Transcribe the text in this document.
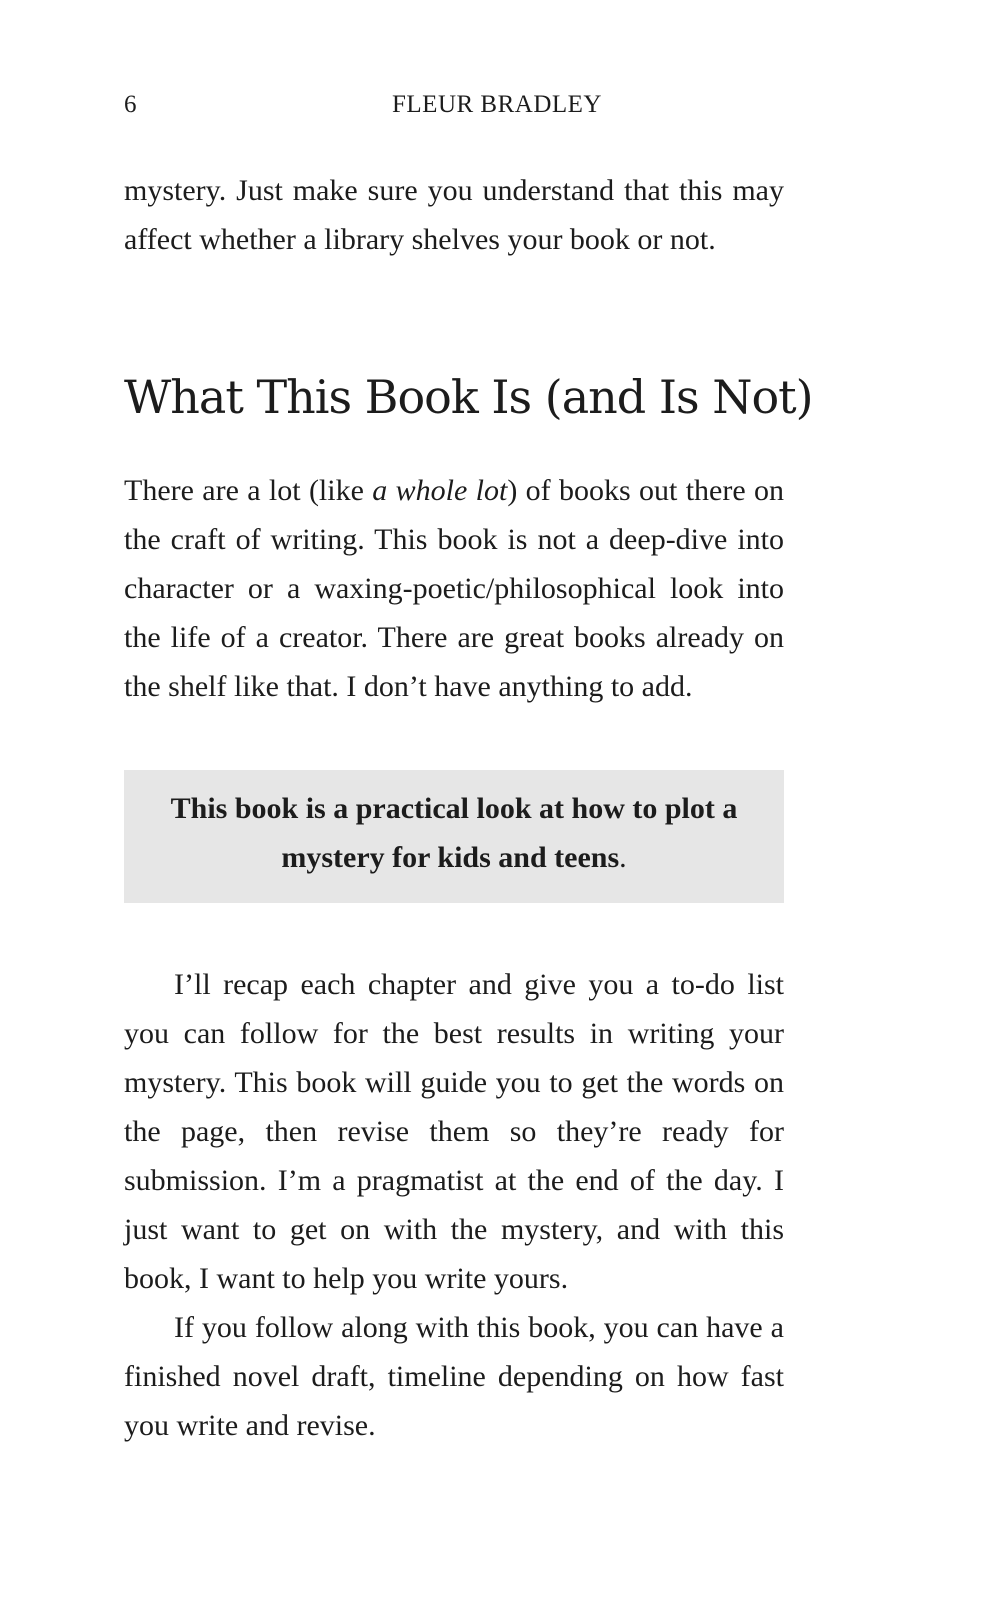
6	FLEUR BRADLEY

mystery. Just make sure you understand that this may affect whether a library shelves your book or not.

What This Book Is (and Is Not)

There are a lot (like a whole lot) of books out there on the craft of writing. This book is not a deep-dive into character or a waxing-poetic/philosophical look into the life of a creator. There are great books already on the shelf like that. I don’t have anything to add.

This book is a practical look at how to plot a mystery for kids and teens.

I’ll recap each chapter and give you a to-do list you can follow for the best results in writing your mystery. This book will guide you to get the words on the page, then revise them so they’re ready for submission. I’m a pragmatist at the end of the day. I just want to get on with the mystery, and with this book, I want to help you write yours.

If you follow along with this book, you can have a finished novel draft, timeline depending on how fast you write and revise.
